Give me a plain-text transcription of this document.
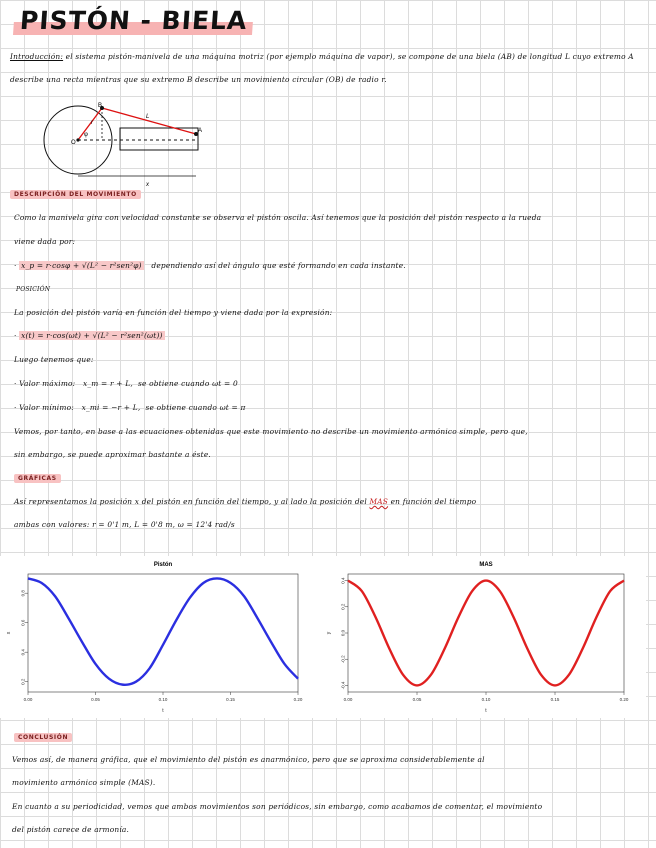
PISTÓN - BIELA
Introducción: el sistema pistón-manivela de una máquina motriz (por ejemplo máquina de vapor), se compone de una biela (AB) de longitud L cuyo extremo A
describe una recta mientras que su extremo B describe un movimiento circular (OB) de radio r.
B
A
O
L
r
φ
x
DESCRIPCIÓN DEL MOVIMIENTO
Como la manivela gira con velocidad constante se observa el pistón oscila. Así tenemos que la posición del pistón respecto a la rueda
viene dada por:
· x_p = r·cosφ + √(L² − r²sen²φ) dependiendo así del ángulo que esté formando en cada instante.
POSICIÓN
La posición del pistón varía en función del tiempo y viene dada por la expresión:
· x(t) = r·cos(ωt) + √(L² − r²sen²(ωt))
Luego tenemos que:
· Valor máximo: x_m = r + L,  se obtiene cuando ωt = 0
· Valor mínimo: x_mi = −r + L,  se obtiene cuando ωt = π
Vemos, por tanto, en base a las ecuaciones obtenidas que este movimiento no describe un movimiento armónico simple, pero que,
sin embargo, se puede aproximar bastante a éste.
GRÁFICAS
Así representamos la posición x del pistón en función del tiempo, y al lado la posición del MAS en función del tiempo
ambas con valores: r = 0'1 m, L = 0'8 m, ω = 12'4 rad/s
Pistón
0.00	0.05	0.10	0.15	0.20
0.2
0.4
0.6
0.8
t
x
MAS
0.00	0.05	0.10	0.15	0.20
-0.4
-0.2
0.0
0.2
0.4
t
y
CONCLUSIÓN
Vemos así, de manera gráfica, que el movimiento del pistón es anarmónico, pero que se aproxima considerablemente al
movimiento armónico simple (MAS).
En cuanto a su periodicidad, vemos que ambos movimientos son periódicos, sin embargo, como acabamos de comentar, el movimiento
del pistón carece de armonía.
